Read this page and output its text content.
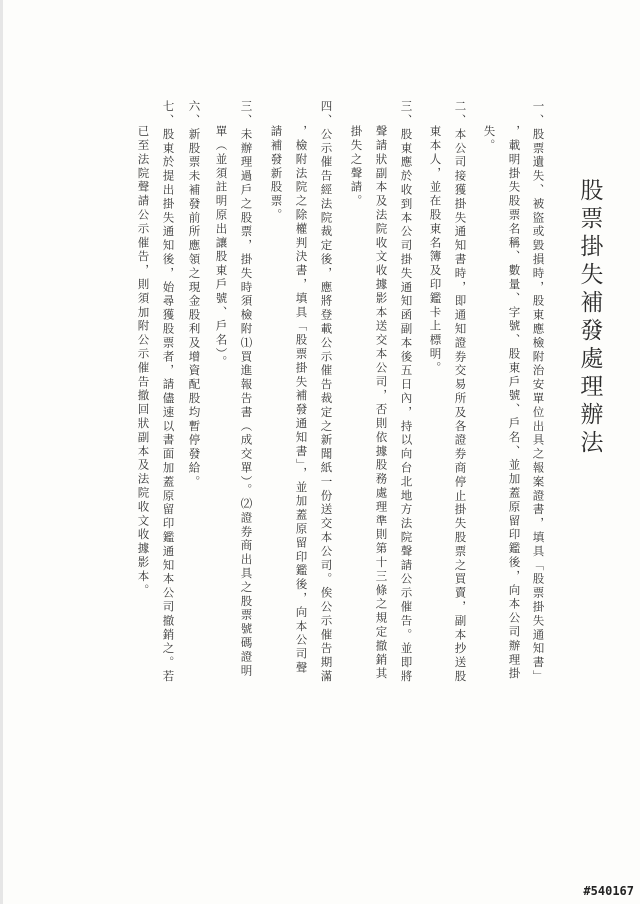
股票掛失補發處理辦法
一、股票遺失、被盜或毀損時，股東應檢附治安單位出具之報案證書，填具「股票掛失通知書」
，載明掛失股票名稱、數量、字號、股東戶號、戶名、並加蓋原留印鑑後，向本公司辦理掛
失。
二、本公司接獲掛失通知書時，即通知證券交易所及各證券商停止掛失股票之買賣，副本抄送股
東本人，並在股東名簿及印鑑卡上標明。
三、股東應於收到本公司掛失通知函副本後五日內，持以向台北地方法院聲請公示催告。並即將
聲請狀副本及法院收文收據影本送交本公司，否則依據股務處理準則第十三條之規定撤銷其
掛失之聲請。
四、公示催告經法院裁定後，應將登載公示催告裁定之新聞紙一份送交本公司。俟公示催告期滿
，檢附法院之除權判決書，填具「股票掛失補發通知書」，並加蓋原留印鑑後，向本公司聲
請補發新股票。
三、未辦理過戶之股票，掛失時須檢附⑴買進報告書（成交單）。⑵證券商出具之股票號碼證明
單（並須註明原出讓股東戶號、戶名）。
六、新股票未補發前所應領之現金股利及增資配股均暫停發給。
七、股東於提出掛失通知後，始尋獲股票者，請儘速以書面加蓋原留印鑑通知本公司撤銷之。若
已至法院聲請公示催告，則須加附公示催告撤回狀副本及法院收文收據影本。
#540167
